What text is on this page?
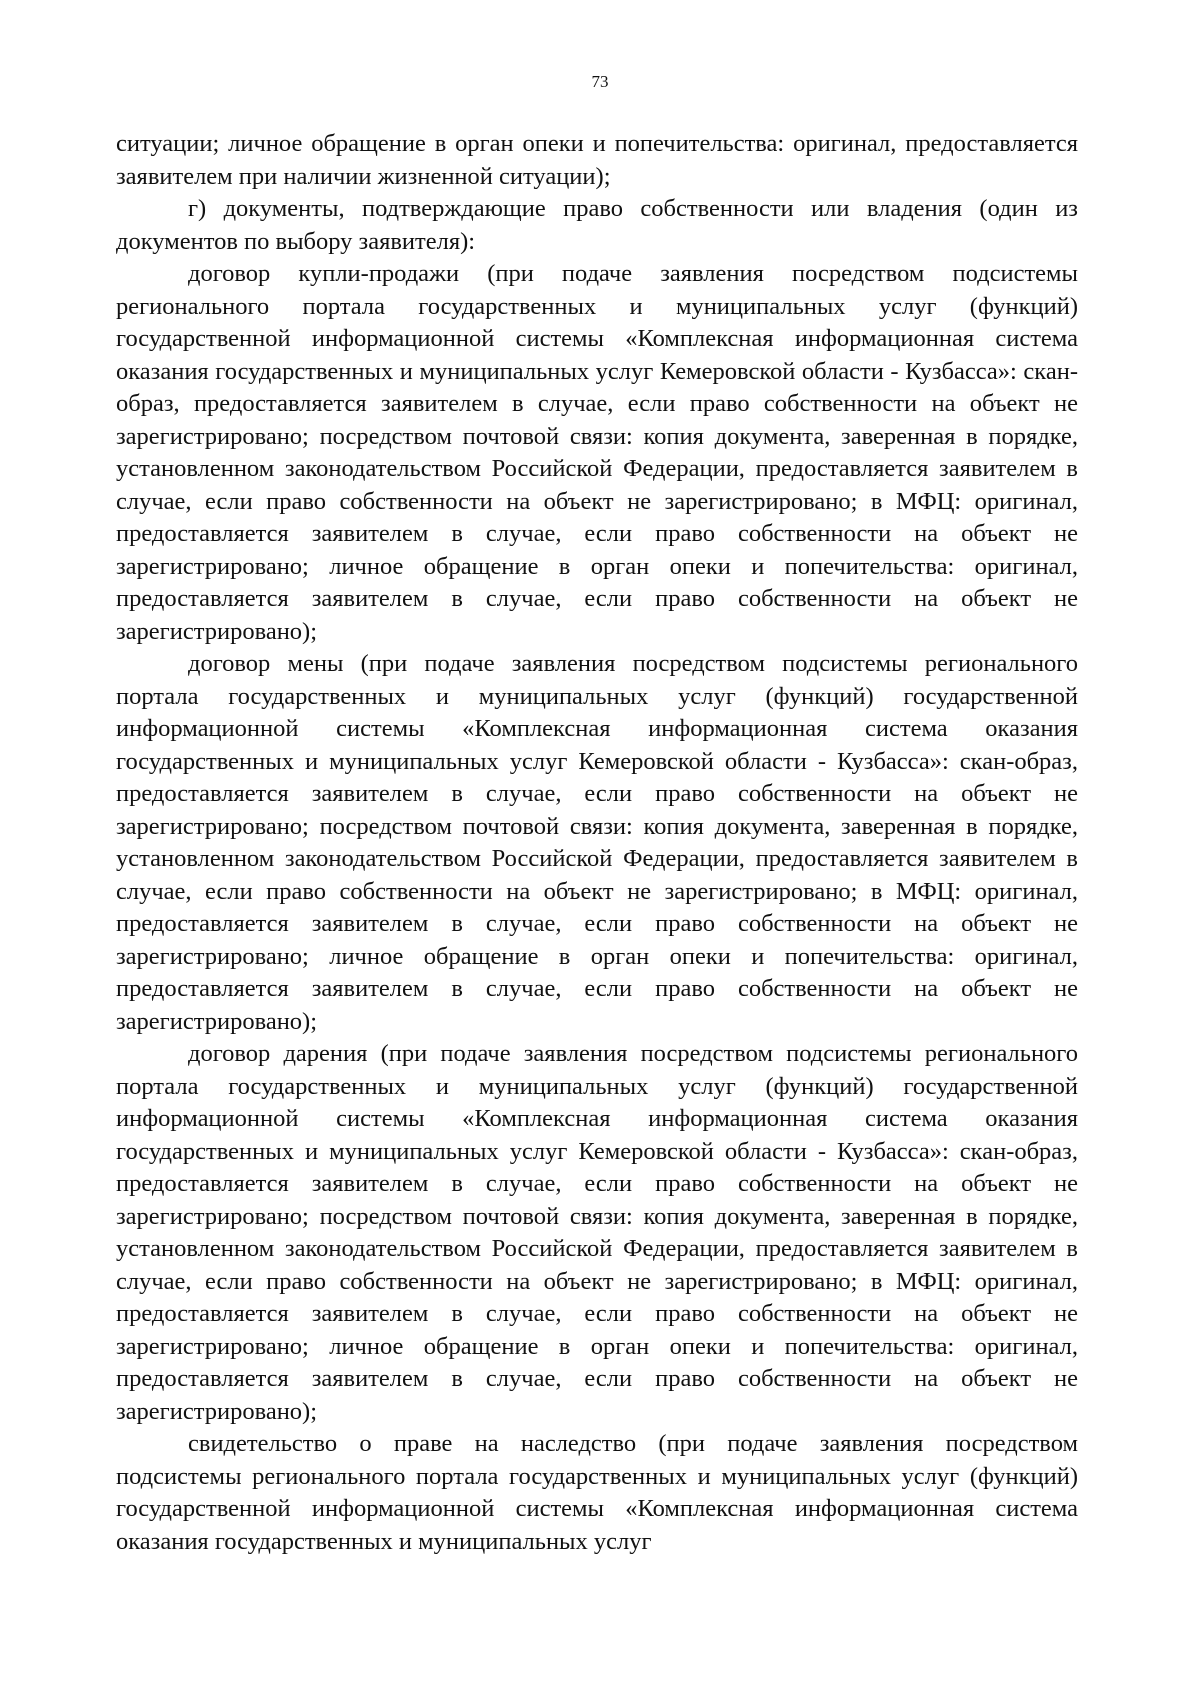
73

ситуации; личное обращение в орган опеки и попечительства: оригинал, предоставляется заявителем при наличии жизненной ситуации);

г) документы, подтверждающие право собственности или владения (один из документов по выбору заявителя):

договор купли-продажи (при подаче заявления посредством подсистемы регионального портала государственных и муниципальных услуг (функций) государственной информационной системы «Комплексная информационная система оказания государственных и муниципальных услуг Кемеровской области - Кузбасса»: скан-образ, предоставляется заявителем в случае, если право собственности на объект не зарегистрировано; посредством почтовой связи: копия документа, заверенная в порядке, установленном законодательством Российской Федерации, предоставляется заявителем в случае, если право собственности на объект не зарегистрировано; в МФЦ: оригинал, предоставляется заявителем в случае, если право собственности на объект не зарегистрировано; личное обращение в орган опеки и попечительства: оригинал, предоставляется заявителем в случае, если право собственности на объект не зарегистрировано);

договор мены (при подаче заявления посредством подсистемы регионального портала государственных и муниципальных услуг (функций) государственной информационной системы «Комплексная информационная система оказания государственных и муниципальных услуг Кемеровской области - Кузбасса»: скан-образ, предоставляется заявителем в случае, если право собственности на объект не зарегистрировано; посредством почтовой связи: копия документа, заверенная в порядке, установленном законодательством Российской Федерации, предоставляется заявителем в случае, если право собственности на объект не зарегистрировано; в МФЦ: оригинал, предоставляется заявителем в случае, если право собственности на объект не зарегистрировано; личное обращение в орган опеки и попечительства: оригинал, предоставляется заявителем в случае, если право собственности на объект не зарегистрировано);

договор дарения (при подаче заявления посредством подсистемы регионального портала государственных и муниципальных услуг (функций) государственной информационной системы «Комплексная информационная система оказания государственных и муниципальных услуг Кемеровской области - Кузбасса»: скан-образ, предоставляется заявителем в случае, если право собственности на объект не зарегистрировано; посредством почтовой связи: копия документа, заверенная в порядке, установленном законодательством Российской Федерации, предоставляется заявителем в случае, если право собственности на объект не зарегистрировано; в МФЦ: оригинал, предоставляется заявителем в случае, если право собственности на объект не зарегистрировано; личное обращение в орган опеки и попечительства: оригинал, предоставляется заявителем в случае, если право собственности на объект не зарегистрировано);

свидетельство о праве на наследство (при подаче заявления посредством подсистемы регионального портала государственных и муниципальных услуг (функций) государственной информационной системы «Комплексная информационная система оказания государственных и муниципальных услуг
